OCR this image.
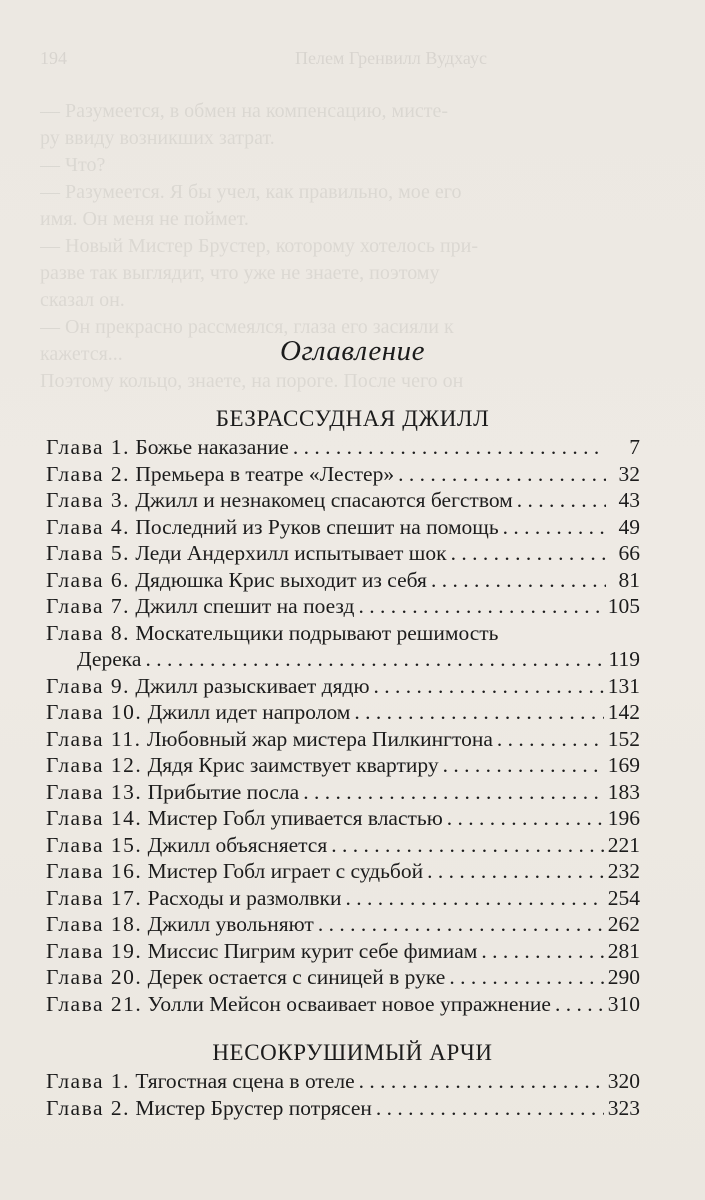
194	Пелем Гренвилл Вудхаус
— Разумеется, в обмен на компенсацию, мисте-
ру ввиду возникших затрат.
— Что?
— Разумеется. Я бы учел, как правильно, мое его
имя. Он меня не поймет.
— Новый Мистер Брустер, которому хотелось при-
разве так выглядит, что уже не знаете, поэтому
сказал он.
— Он прекрасно рассмеялся, глаза его засияли к
кажется...
Поэтому кольцо, знаете, на пороге. После чего он
Оглавление
БЕЗРАССУДНАЯ ДЖИЛЛ
Глава 1. Божье наказание . . .	7
Глава 2. Премьера в театре «Лестер» . . .	32
Глава 3. Джилл и незнакомец спасаются бегством . . .	43
Глава 4. Последний из Руков спешит на помощь . . .	49
Глава 5. Леди Андерхилл испытывает шок . . .	66
Глава 6. Дядюшка Крис выходит из себя . . .	81
Глава 7. Джилл спешит на поезд . . .	105
Глава 8. Москательщики подрывают решимость
Дерека . . .	119
Глава 9. Джилл разыскивает дядю . . .	131
Глава 10. Джилл идет напролом . . .	142
Глава 11. Любовный жар мистера Пилкингтона . . .	152
Глава 12. Дядя Крис заимствует квартиру . . .	169
Глава 13. Прибытие посла . . .	183
Глава 14. Мистер Гобл упивается властью . . .	196
Глава 15. Джилл объясняется . . .	221
Глава 16. Мистер Гобл играет с судьбой . . .	232
Глава 17. Расходы и размолвки . . .	254
Глава 18. Джилл увольняют . . .	262
Глава 19. Миссис Пигрим курит себе фимиам . . .	281
Глава 20. Дерек остается с синицей в руке . . .	290
Глава 21. Уолли Мейсон осваивает новое упражнение . . .	310
НЕСОКРУШИМЫЙ АРЧИ
Глава 1. Тягостная сцена в отеле . . .	320
Глава 2. Мистер Брустер потрясен . . .	323
